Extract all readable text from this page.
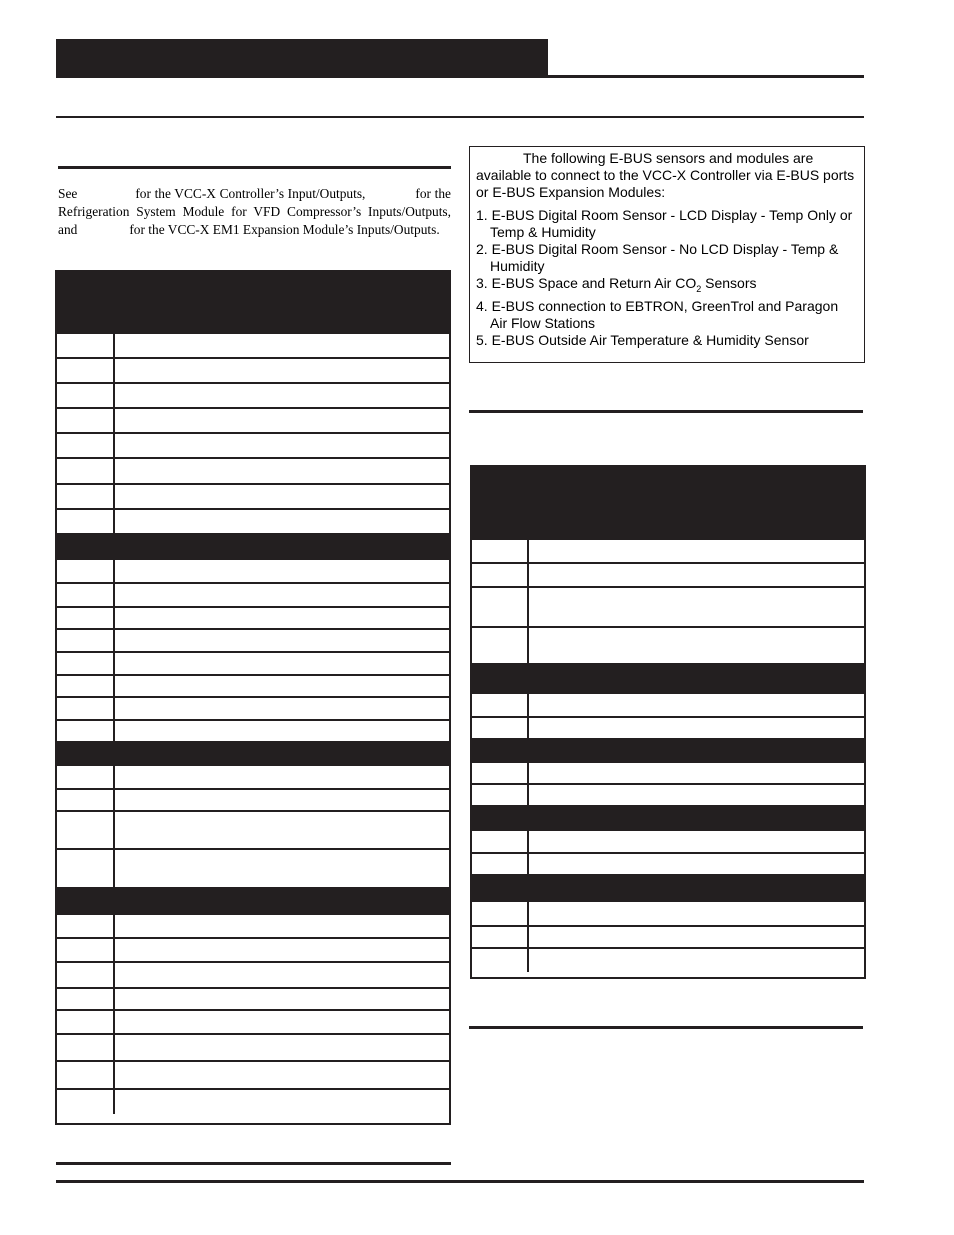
See	for the VCC-X Controller’s Input/Outputs,	for the Refrigeration System Module for VFD Compressor’s Inputs/Outputs, and	for the VCC-X EM1 Expansion Module’s Inputs/Outputs.

The following E-BUS sensors and modules are available to connect to the VCC-X Controller via E-BUS ports or E-BUS Expansion Modules:

1. E-BUS Digital Room Sensor - LCD Display - Temp Only or Temp & Humidity
2. E-BUS Digital Room Sensor - No LCD Display - Temp & Humidity
3. E-BUS Space and Return Air $CO_2$ Sensors
4. E-BUS connection to EBTRON, GreenTrol and Paragon Air Flow Stations
5. E-BUS Outside Air Temperature & Humidity Sensor
